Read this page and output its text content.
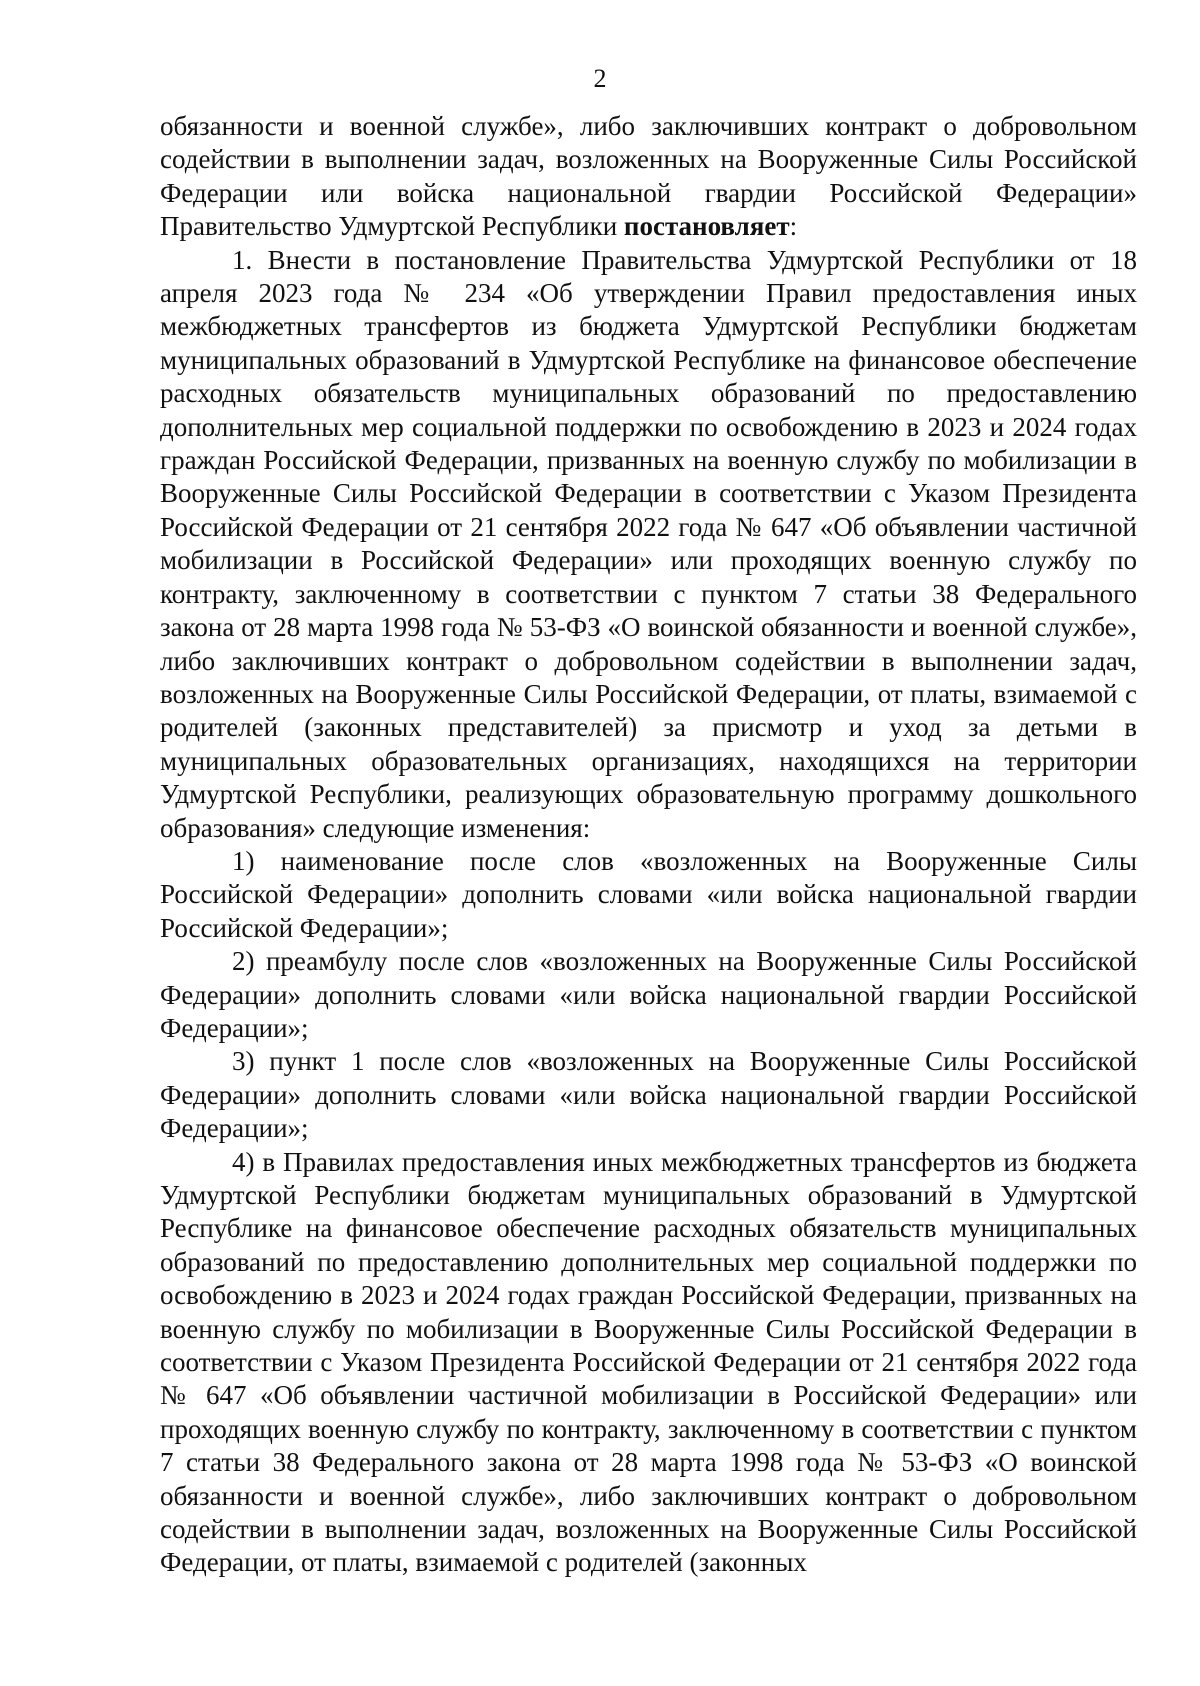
2

обязанности и военной службе», либо заключивших контракт о добровольном содействии в выполнении задач, возложенных на Вооруженные Силы Российской Федерации или войска национальной гвардии Российской Федерации» Правительство Удмуртской Республики постановляет:

1. Внести в постановление Правительства Удмуртской Республики от 18 апреля 2023 года № 234 «Об утверждении Правил предоставления иных межбюджетных трансфертов из бюджета Удмуртской Республики бюджетам муниципальных образований в Удмуртской Республике на финансовое обеспечение расходных обязательств муниципальных образований по предоставлению дополнительных мер социальной поддержки по освобождению в 2023 и 2024 годах граждан Российской Федерации, призванных на военную службу по мобилизации в Вооруженные Силы Российской Федерации в соответствии с Указом Президента Российской Федерации от 21 сентября 2022 года № 647 «Об объявлении частичной мобилизации в Российской Федерации» или проходящих военную службу по контракту, заключенному в соответствии с пунктом 7 статьи 38 Федерального закона от 28 марта 1998 года № 53-ФЗ «О воинской обязанности и военной службе», либо заключивших контракт о добровольном содействии в выполнении задач, возложенных на Вооруженные Силы Российской Федерации, от платы, взимаемой с родителей (законных представителей) за присмотр и уход за детьми в муниципальных образовательных организациях, находящихся на территории Удмуртской Республики, реализующих образовательную программу дошкольного образования» следующие изменения:

1) наименование после слов «возложенных на Вооруженные Силы Российской Федерации» дополнить словами «или войска национальной гвардии Российской Федерации»;

2) преамбулу после слов «возложенных на Вооруженные Силы Российской Федерации» дополнить словами «или войска национальной гвардии Российской Федерации»;

3) пункт 1 после слов «возложенных на Вооруженные Силы Российской Федерации» дополнить словами «или войска национальной гвардии Российской Федерации»;

4) в Правилах предоставления иных межбюджетных трансфертов из бюджета Удмуртской Республики бюджетам муниципальных образований в Удмуртской Республике на финансовое обеспечение расходных обязательств муниципальных образований по предоставлению дополнительных мер социальной поддержки по освобождению в 2023 и 2024 годах граждан Российской Федерации, призванных на военную службу по мобилизации в Вооруженные Силы Российской Федерации в соответствии с Указом Президента Российской Федерации от 21 сентября 2022 года № 647 «Об объявлении частичной мобилизации в Российской Федерации» или проходящих военную службу по контракту, заключенному в соответствии с пунктом 7 статьи 38 Федерального закона от 28 марта 1998 года № 53-ФЗ «О воинской обязанности и военной службе», либо заключивших контракт о добровольном содействии в выполнении задач, возложенных на Вооруженные Силы Российской Федерации, от платы, взимаемой с родителей (законных
